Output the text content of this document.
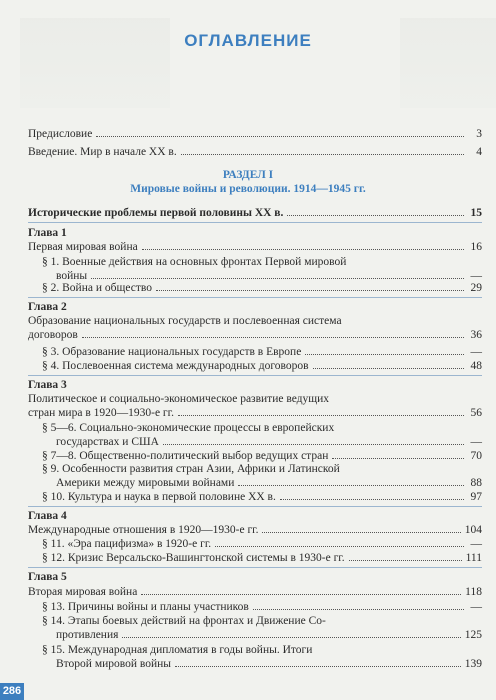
ОГЛАВЛЕНИЕ
Предисловие	3
Введение. Мир в начале XX в.	4
РАЗДЕЛ I
Мировые войны и революции. 1914—1945 гг.
Исторические проблемы первой половины XX в.	15
Глава 1
Первая мировая война	16
§ 1. Военные действия на основных фронтах Первой мировой
войны	—
§ 2. Война и общество	29
Глава 2
Образование национальных государств и послевоенная система
договоров	36
§ 3. Образование национальных государств в Европе	—
§ 4. Послевоенная система международных договоров	48
Глава 3
Политическое и социально-экономическое развитие ведущих
стран мира в 1920—1930-е гг.	56
§ 5—6. Социально-экономические процессы в европейских
государствах и США	—
§ 7—8. Общественно-политический выбор ведущих стран	70
§ 9. Особенности развития стран Азии, Африки и Латинской
Америки между мировыми войнами	88
§ 10. Культура и наука в первой половине XX в.	97
Глава 4
Международные отношения в 1920—1930-е гг.	104
§ 11. «Эра пацифизма» в 1920-е гг.	—
§ 12. Кризис Версальско-Вашингтонской системы в 1930-е гг.	111
Глава 5
Вторая мировая война	118
§ 13. Причины войны и планы участников	—
§ 14. Этапы боевых действий на фронтах и Движение Со-
противления	125
§ 15. Международная дипломатия в годы войны. Итоги
Второй мировой войны	139
286
